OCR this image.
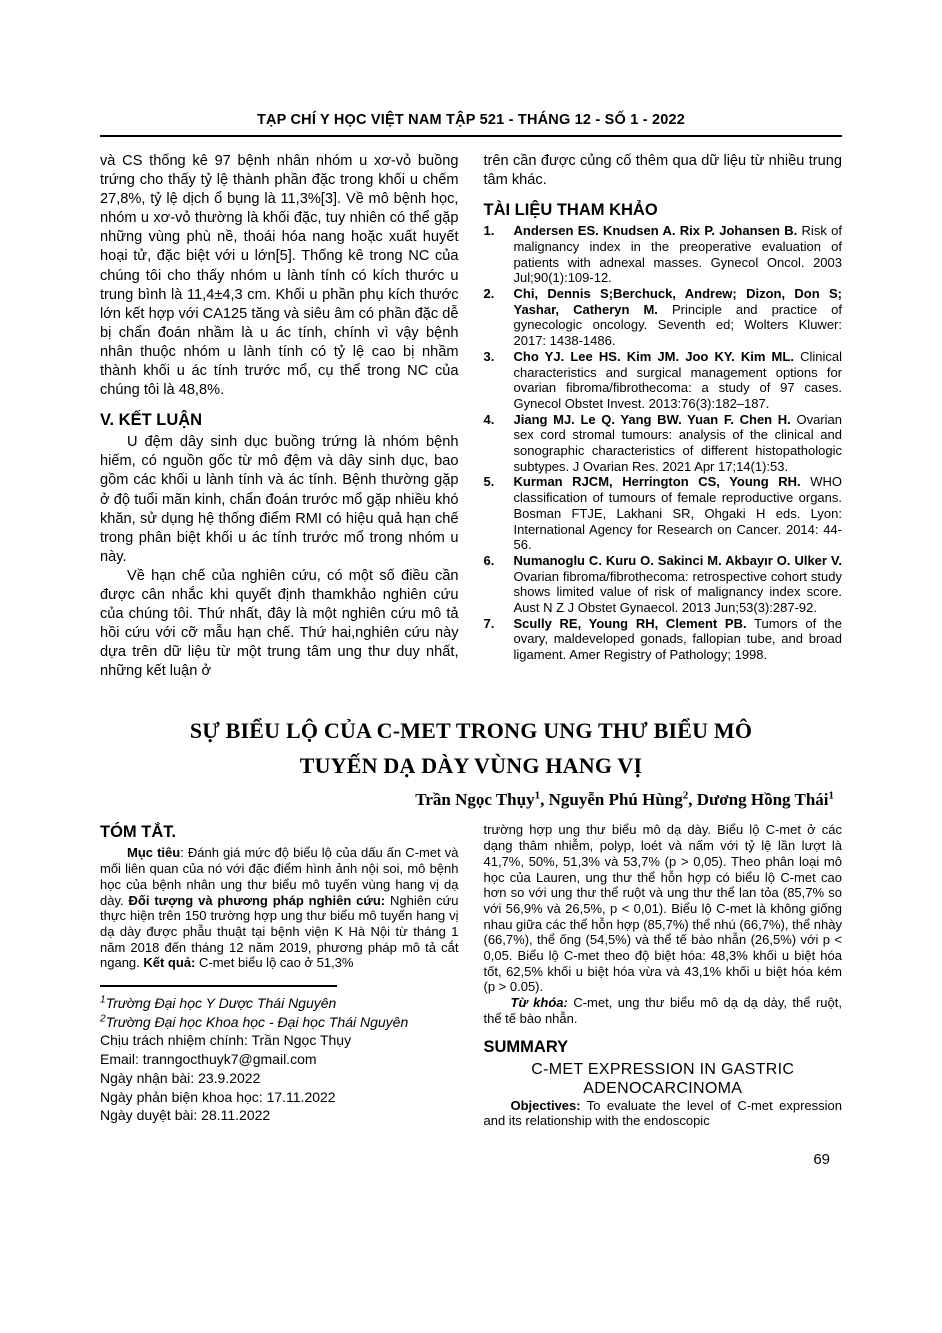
TẠP CHÍ Y HỌC VIỆT NAM TẬP 521 - THÁNG 12 - SỐ 1 - 2022

và CS thống kê 97 bệnh nhân nhóm u xơ-vỏ buồng trứng cho thấy tỷ lệ thành phần đặc trong khối u chếm 27,8%, tỷ lệ dịch ổ bụng là 11,3%[3]. Về mô bệnh học, nhóm u xơ-vỏ thường là khối đặc, tuy nhiên có thể gặp những vùng phù nề, thoái hóa nang hoặc xuất huyết hoại tử, đặc biệt với u lớn[5]. Thống kê trong NC của chúng tôi cho thấy nhóm u lành tính có kích thước u trung bình là 11,4±4,3 cm. Khối u phần phụ kích thước lớn kết hợp với CA125 tăng và siêu âm có phần đặc dễ bị chẩn đoán nhầm là u ác tính, chính vì vậy bệnh nhân thuộc nhóm u lành tính có tỷ lệ cao bị nhầm thành khối u ác tính trước mổ, cụ thể trong NC của chúng tôi là 48,8%.

V. KẾT LUẬN

U đệm dây sinh dục buồng trứng là nhóm bệnh hiếm, có nguồn gốc từ mô đệm và dây sinh dục, bao gồm các khối u lành tính và ác tính. Bệnh thường gặp ở độ tuổi mãn kinh, chẩn đoán trước mổ gặp nhiều khó khăn, sử dụng hệ thống điểm RMI có hiệu quả hạn chế trong phân biệt khối u ác tính trước mổ trong nhóm u này.

Về hạn chế của nghiên cứu, có một số điều cần được cân nhắc khi quyết định thamkhảo nghiên cứu của chúng tôi. Thứ nhất, đây là một nghiên cứu mô tả hồi cứu với cỡ mẫu hạn chế. Thứ hai,nghiên cứu này dựa trên dữ liệu từ một trung tâm ung thư duy nhất, những kết luận ở

trên cần được củng cố thêm qua dữ liệu từ nhiều trung tâm khác.

TÀI LIỆU THAM KHẢO
1. Andersen ES. Knudsen A. Rix P. Johansen B. Risk of malignancy index in the preoperative evaluation of patients with adnexal masses. Gynecol Oncol. 2003 Jul;90(1):109-12.
2. Chi, Dennis S;Berchuck, Andrew; Dizon, Don S; Yashar, Catheryn M. Principle and practice of gynecologic oncology. Seventh ed; Wolters Kluwer: 2017: 1438-1486.
3. Cho YJ. Lee HS. Kim JM. Joo KY. Kim ML. Clinical characteristics and surgical management options for ovarian fibroma/fibrothecoma: a study of 97 cases. Gynecol Obstet Invest. 2013:76(3):182–187.
4. Jiang MJ. Le Q. Yang BW. Yuan F. Chen H. Ovarian sex cord stromal tumours: analysis of the clinical and sonographic characteristics of different histopathologic subtypes. J Ovarian Res. 2021 Apr 17;14(1):53.
5. Kurman RJCM, Herrington CS, Young RH. WHO classification of tumours of female reproductive organs. Bosman FTJE, Lakhani SR, Ohgaki H eds. Lyon: International Agency for Research on Cancer. 2014: 44-56.
6. Numanoglu C. Kuru O. Sakinci M. Akbayır O. Ulker V. Ovarian fibroma/fibrothecoma: retrospective cohort study shows limited value of risk of malignancy index score. Aust N Z J Obstet Gynaecol. 2013 Jun;53(3):287-92.
7. Scully RE, Young RH, Clement PB. Tumors of the ovary, maldeveloped gonads, fallopian tube, and broad ligament. Amer Registry of Pathology; 1998.
SỰ BIỂU LỘ CỦA C-MET TRONG UNG THƯ BIỂU MÔ
TUYẾN DẠ DÀY VÙNG HANG VỊ
Trần Ngọc Thụy$^1$, Nguyễn Phú Hùng$^2$, Dương Hồng Thái$^1$
TÓM TẮT.

Mục tiêu: Đánh giá mức độ biểu lộ của dấu ấn C-met và mối liên quan của nó với đặc điểm hình ảnh nội soi, mô bệnh học của bệnh nhân ung thư biểu mô tuyến vùng hang vị dạ dày. Đối tượng và phương pháp nghiên cứu: Nghiên cứu thực hiện trên 150 trường hợp ung thư biểu mô tuyến hang vị dạ dày được phẫu thuật tại bệnh viện K Hà Nội từ tháng 1 năm 2018 đến tháng 12 năm 2019, phương pháp mô tả cắt ngang. Kết quả: C-met biểu lộ cao ở 51,3%

$^1$Trường Đại học Y Dược Thái Nguyên
$^2$Trường Đại học Khoa học - Đại học Thái Nguyên
Chịu trách nhiệm chính: Trần Ngọc Thụy
Email: tranngocthuyk7@gmail.com
Ngày nhận bài: 23.9.2022
Ngày phản biện khoa học: 17.11.2022
Ngày duyệt bài: 28.11.2022

trường hợp ung thư biểu mô dạ dày. Biểu lộ C-met ở các dạng thâm nhiễm, polyp, loét và nấm với tỷ lệ lần lượt là 41,7%, 50%, 51,3% và 53,7% (p > 0,05). Theo phân loại mô học của Lauren, ung thư thể hỗn hợp có biểu lộ C-met cao hơn so với ung thư thể ruột và ung thư thể lan tỏa (85,7% so với 56,9% và 26,5%, p < 0,01). Biểu lộ C-met là không giống nhau giữa các thể hỗn hợp (85,7%) thể nhú (66,7%), thể nhày (66,7%), thể ống (54,5%) và thể tế bào nhẫn (26,5%) với p < 0,05. Biểu lộ C-met theo độ biệt hóa: 48,3% khối u biệt hóa tốt, 62,5% khối u biệt hóa vừa và 43,1% khối u biệt hóa kém (p > 0.05).

Từ khóa: C-met, ung thư biểu mô dạ dạ dày, thể ruột, thể tế bào nhẫn.

SUMMARY
C-MET EXPRESSION IN GASTRIC
ADENOCARCINOMA

Objectives: To evaluate the level of C-met expression and its relationship with the endoscopic

69
